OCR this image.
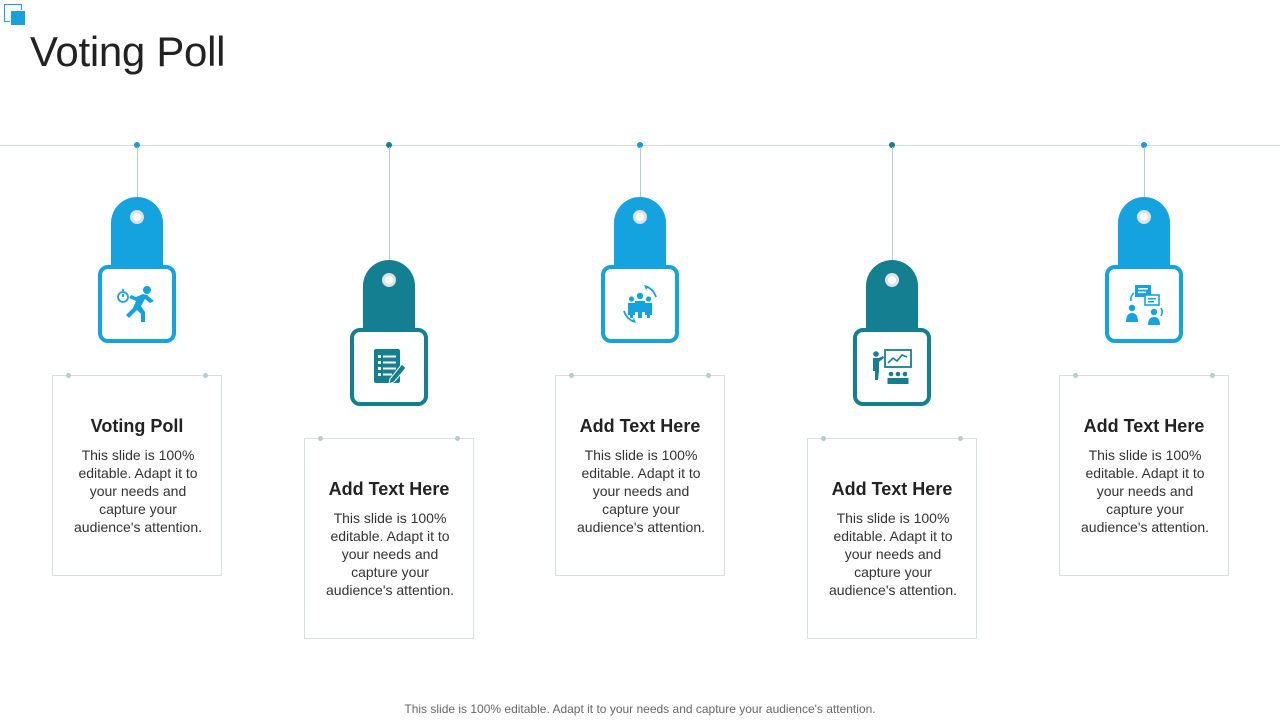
Voting Poll
Voting Poll
This slide is 100% editable. Adapt it to your needs and capture your audience's attention.
Add Text Here
This slide is 100% editable. Adapt it to your needs and capture your audience's attention.
Add Text Here
This slide is 100% editable. Adapt it to your needs and capture your audience's attention.
Add Text Here
This slide is 100% editable. Adapt it to your needs and capture your audience's attention.
Add Text Here
This slide is 100% editable. Adapt it to your needs and capture your audience's attention.
This slide is 100% editable. Adapt it to your needs and capture your audience's attention.
